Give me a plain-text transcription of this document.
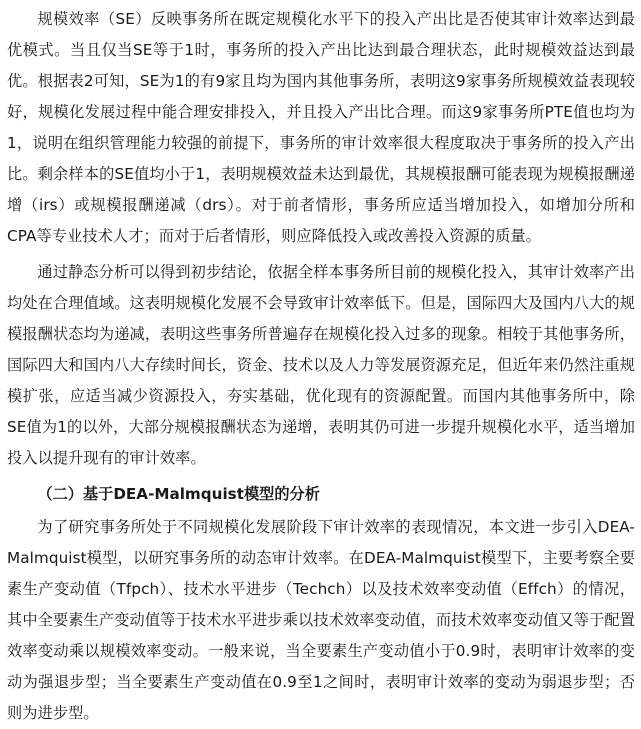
规模效率（SE）反映事务所在既定规模化水平下的投入产出比是否使其审计效率达到最优模式。当且仅当SE等于1时，事务所的投入产出比达到最合理状态，此时规模效益达到最优。根据表2可知，SE为1的有9家且均为国内其他事务所，表明这9家事务所规模效益表现较好，规模化发展过程中能合理安排投入，并且投入产出比合理。而这9家事务所PTE值也均为1，说明在组织管理能力较强的前提下，事务所的审计效率很大程度取决于事务所的投入产出比。剩余样本的SE值均小于1，表明规模效益未达到最优，其规模报酬可能表现为规模报酬递增（irs）或规模报酬递减（drs）。对于前者情形，事务所应适当增加投入，如增加分所和CPA等专业技术人才；而对于后者情形，则应降低投入或改善投入资源的质量。

通过静态分析可以得到初步结论，依据全样本事务所目前的规模化投入，其审计效率产出均处在合理值域。这表明规模化发展不会导致审计效率低下。但是，国际四大及国内八大的规模报酬状态均为递减，表明这些事务所普遍存在规模化投入过多的现象。相较于其他事务所，国际四大和国内八大存续时间长，资金、技术以及人力等发展资源充足，但近年来仍然注重规模扩张，应适当减少资源投入，夯实基础，优化现有的资源配置。而国内其他事务所中，除SE值为1的以外，大部分规模报酬状态为递增，表明其仍可进一步提升规模化水平，适当增加投入以提升现有的审计效率。

（二）基于DEA-Malmquist模型的分析

为了研究事务所处于不同规模化发展阶段下审计效率的表现情况，本文进一步引入DEA-Malmquist模型，以研究事务所的动态审计效率。在DEA-Malmquist模型下，主要考察全要素生产变动值（Tfpch）、技术水平进步（Techch）以及技术效率变动值（Effch）的情况，其中全要素生产变动值等于技术水平进步乘以技术效率变动值，而技术效率变动值又等于配置效率变动乘以规模效率变动。一般来说，当全要素生产变动值小于0.9时，表明审计效率的变动为强退步型；当全要素生产变动值在0.9至1之间时，表明审计效率的变动为弱退步型；否则为进步型。
